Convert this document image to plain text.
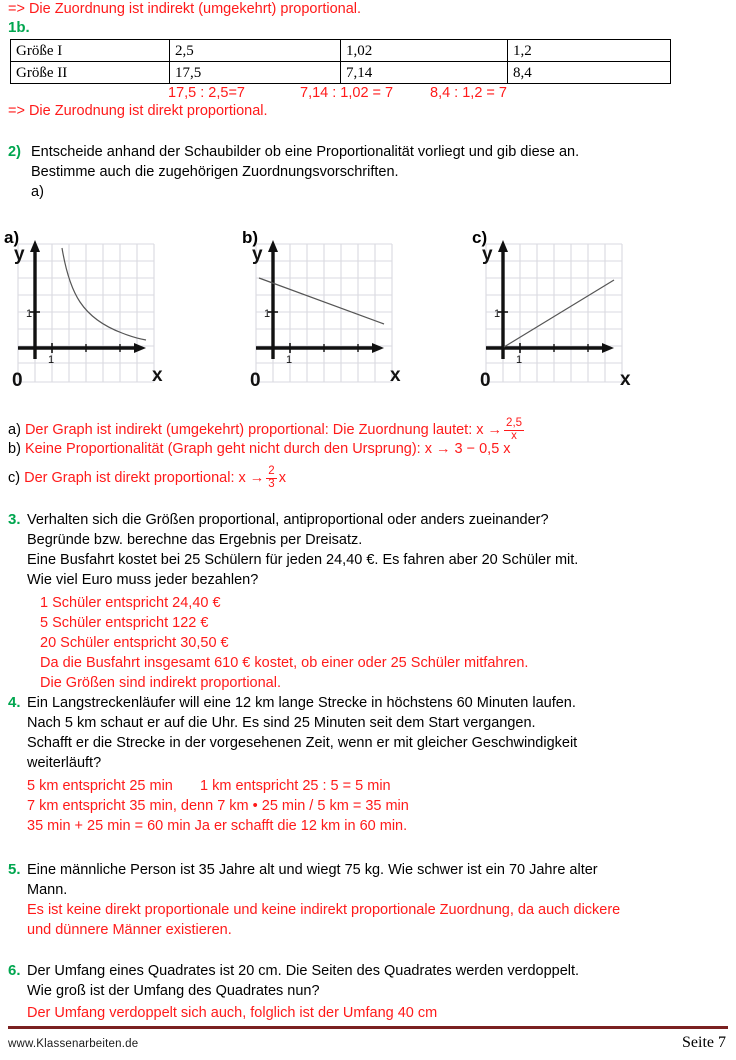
=> Die Zuordnung ist indirekt (umgekehrt) proportional.
1b.
Größe I	2,5	1,02	1,2
Größe II	17,5	7,14	8,4
17,5 : 2,5=7	7,14 : 1,02 = 7	8,4 : 1,2 = 7
=> Die Zurodnung ist direkt proportional.
2) Entscheide anhand der Schaubilder ob eine Proportionalität vorliegt und gib diese an.
Bestimme auch die zugehörigen Zuordnungsvorschriften.
a)
a)
y
x
0
1
1
b)
y
x
0
1
1
c)
y
x
0
1
1
a) Der Graph ist indirekt (umgekehrt) proportional: Die Zuordnung lautet: $x \to \frac{2,5}{x}$
b) Keine Proportionalität (Graph geht nicht durch den Ursprung): x → 3 − 0,5 x
c) Der Graph ist direkt proportional: $x \to \frac{2}{3}$ x
3. Verhalten sich die Größen proportional, antiproportional oder anders zueinander?
Begründe bzw. berechne das Ergebnis per Dreisatz.
Eine Busfahrt kostet bei 25 Schülern für jeden 24,40 €. Es fahren aber 20 Schüler mit.
Wie viel Euro muss jeder bezahlen?
1 Schüler entspricht 24,40 €
5 Schüler entspricht 122 €
20 Schüler entspricht 30,50 €
Da die Busfahrt insgesamt 610 € kostet, ob einer oder 25 Schüler mitfahren.
Die Größen sind indirekt proportional.
4. Ein Langstreckenläufer will eine 12 km lange Strecke in höchstens 60 Minuten laufen.
Nach 5 km schaut er auf die Uhr. Es sind 25 Minuten seit dem Start vergangen.
Schafft er die Strecke in der vorgesehenen Zeit, wenn er mit gleicher Geschwindigkeit
weiterläuft?
5 km entspricht 25 min 1 km entspricht 25 : 5 = 5 min
7 km entspricht 35 min, denn 7 km • 25 min / 5 km = 35 min
35 min + 25 min = 60 min Ja er schafft die 12 km in 60 min.
5. Eine männliche Person ist 35 Jahre alt und wiegt 75 kg. Wie schwer ist ein 70 Jahre alter
Mann.
Es ist keine direkt proportionale und keine indirekt proportionale Zuordnung, da auch dickere
und dünnere Männer existieren.
6. Der Umfang eines Quadrates ist 20 cm. Die Seiten des Quadrates werden verdoppelt.
Wie groß ist der Umfang des Quadrates nun?
Der Umfang verdoppelt sich auch, folglich ist der Umfang 40 cm
www.Klassenarbeiten.de	Seite 7
